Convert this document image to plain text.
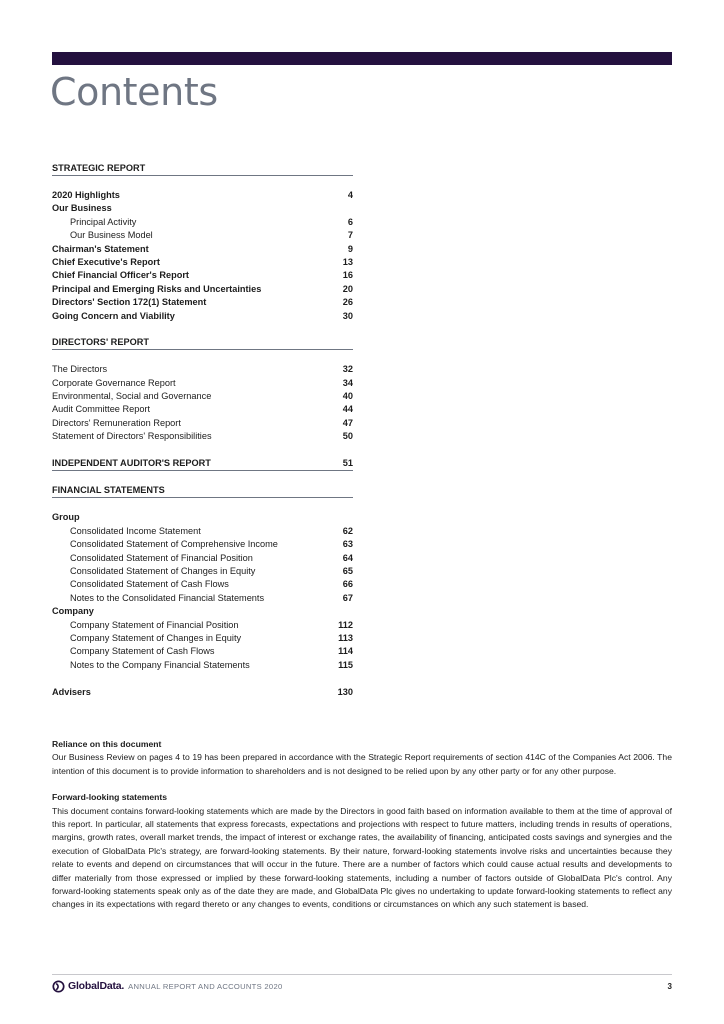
Contents
STRATEGIC REPORT
2020 Highlights	4
Our Business
Principal Activity	6
Our Business Model	7
Chairman's Statement	9
Chief Executive's Report	13
Chief Financial Officer's Report	16
Principal and Emerging Risks and Uncertainties	20
Directors' Section 172(1) Statement	26
Going Concern and Viability	30
DIRECTORS' REPORT
The Directors	32
Corporate Governance Report	34
Environmental, Social and Governance	40
Audit Committee Report	44
Directors' Remuneration Report	47
Statement of Directors' Responsibilities	50
INDEPENDENT AUDITOR'S REPORT	51
FINANCIAL STATEMENTS
Group
Consolidated Income Statement	62
Consolidated Statement of Comprehensive Income	63
Consolidated Statement of Financial Position	64
Consolidated Statement of Changes in Equity	65
Consolidated Statement of Cash Flows	66
Notes to the Consolidated Financial Statements	67
Company
Company Statement of Financial Position	112
Company Statement of Changes in Equity	113
Company Statement of Cash Flows	114
Notes to the Company Financial Statements	115
Advisers	130
Reliance on this document

Our Business Review on pages 4 to 19 has been prepared in accordance with the Strategic Report requirements of section 414C of the Companies Act 2006. The intention of this document is to provide information to shareholders and is not designed to be relied upon by any other party or for any other purpose.

Forward-looking statements

This document contains forward-looking statements which are made by the Directors in good faith based on information available to them at the time of approval of this report. In particular, all statements that express forecasts, expectations and projections with respect to future matters, including trends in results of operations, margins, growth rates, overall market trends, the impact of interest or exchange rates, the availability of financing, anticipated costs savings and synergies and the execution of GlobalData Plc's strategy, are forward-looking statements. By their nature, forward-looking statements involve risks and uncertainties because they relate to events and depend on circumstances that will occur in the future. There are a number of factors which could cause actual results and developments to differ materially from those expressed or implied by these forward-looking statements, including a number of factors outside of GlobalData Plc's control. Any forward-looking statements speak only as of the date they are made, and GlobalData Plc gives no undertaking to update forward-looking statements to reflect any changes in its expectations with regard thereto or any changes to events, conditions or circumstances on which any such statement is based.

GlobalData. ANNUAL REPORT AND ACCOUNTS 2020	3
